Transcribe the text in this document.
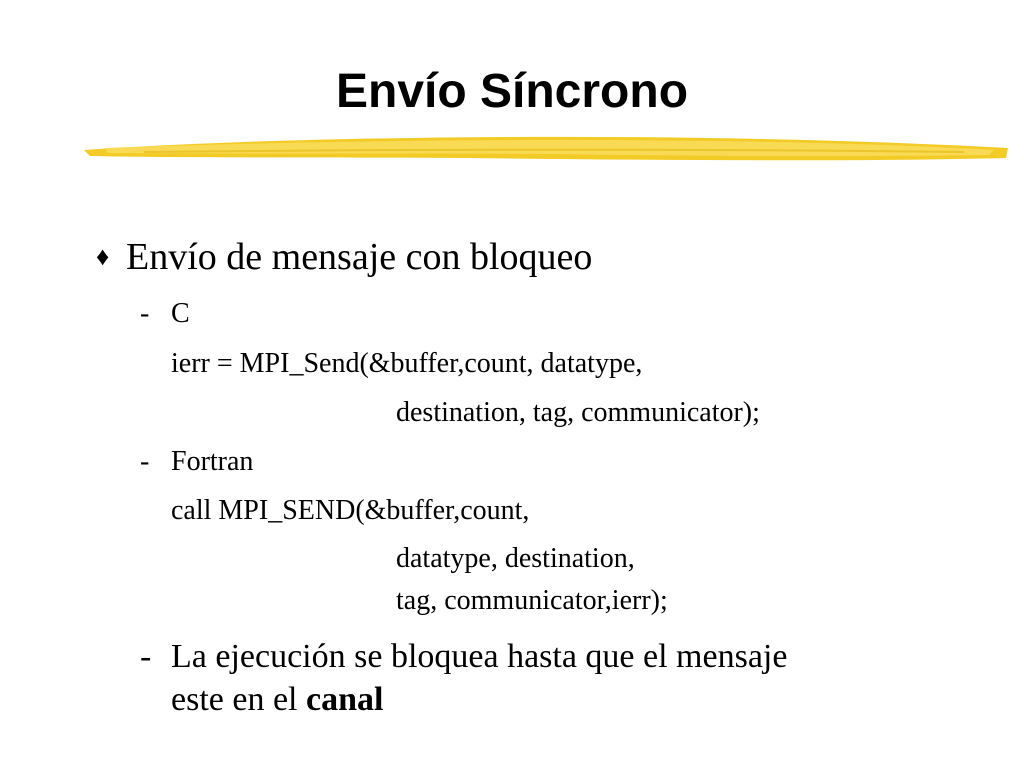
Envío Síncrono
♦ Envío de mensaje con bloqueo
- C
ierr = MPI_Send(&buffer,count, datatype,
destination, tag, communicator);
- Fortran
call MPI_SEND(&buffer,count,
datatype, destination,
tag, communicator,ierr);
- La ejecución se bloquea hasta que el mensaje
este en el canal
